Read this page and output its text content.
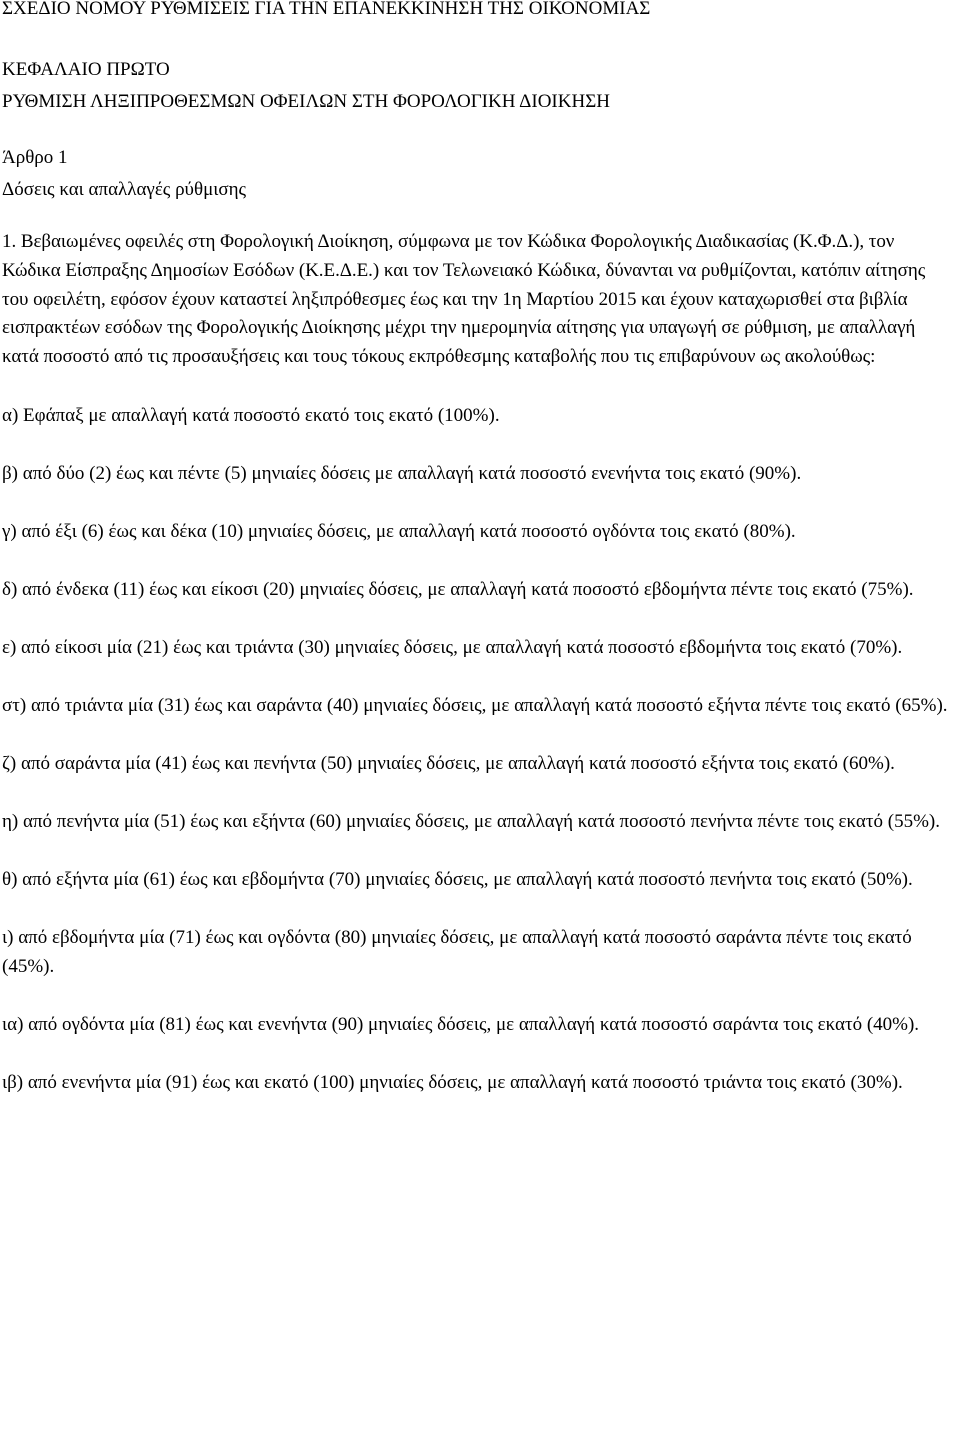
ΣΧΕΔΙΟ ΝΟΜΟΥ ΡΥΘΜΙΣΕΙΣ ΓΙΑ ΤΗΝ ΕΠΑΝΕΚΚΙΝΗΣΗ ΤΗΣ ΟΙΚΟΝΟΜΙΑΣ
ΚΕΦΑΛΑΙΟ ΠΡΩΤΟ
ΡΥΘΜΙΣΗ ΛΗΞΙΠΡΟΘΕΣΜΩΝ ΟΦΕΙΛΩΝ ΣΤΗ ΦΟΡΟΛΟΓΙΚΗ ΔΙΟΙΚΗΣΗ
Άρθρο 1
Δόσεις και απαλλαγές ρύθμισης

1. Βεβαιωμένες οφειλές στη Φορολογική Διοίκηση, σύμφωνα με τον Κώδικα Φορολογικής Διαδικασίας (Κ.Φ.Δ.), τον Κώδικα Είσπραξης Δημοσίων Εσόδων (Κ.Ε.Δ.Ε.) και τον Τελωνειακό Κώδικα, δύνανται να ρυθμίζονται, κατόπιν αίτησης του οφειλέτη, εφόσον έχουν καταστεί ληξιπρόθεσμες έως και την 1η Μαρτίου 2015 και έχουν καταχωρισθεί στα βιβλία εισπρακτέων εσόδων της Φορολογικής Διοίκησης μέχρι την ημερομηνία αίτησης για υπαγωγή σε ρύθμιση, με απαλλαγή κατά ποσοστό από τις προσαυξήσεις και τους τόκους εκπρόθεσμης καταβολής που τις επιβαρύνουν ως ακολούθως:

α) Εφάπαξ με απαλλαγή κατά ποσοστό εκατό τοις εκατό (100%).
β) από δύο (2) έως και πέντε (5) μηνιαίες δόσεις με απαλλαγή κατά ποσοστό ενενήντα τοις εκατό (90%).
γ) από έξι (6) έως και δέκα (10) μηνιαίες δόσεις, με απαλλαγή κατά ποσοστό ογδόντα τοις εκατό (80%).
δ) από ένδεκα (11) έως και είκοσι (20) μηνιαίες δόσεις, με απαλλαγή κατά ποσοστό εβδομήντα πέντε τοις εκατό (75%).
ε) από είκοσι μία (21) έως και τριάντα (30) μηνιαίες δόσεις, με απαλλαγή κατά ποσοστό εβδομήντα τοις εκατό (70%).
στ) από τριάντα μία (31) έως και σαράντα (40) μηνιαίες δόσεις, με απαλλαγή κατά ποσοστό εξήντα πέντε τοις εκατό (65%).
ζ) από σαράντα μία (41) έως και πενήντα (50) μηνιαίες δόσεις, με απαλλαγή κατά ποσοστό εξήντα τοις εκατό (60%).
η) από πενήντα μία (51) έως και εξήντα (60) μηνιαίες δόσεις, με απαλλαγή κατά ποσοστό πενήντα πέντε τοις εκατό (55%).
θ) από εξήντα μία (61) έως και εβδομήντα (70) μηνιαίες δόσεις, με απαλλαγή κατά ποσοστό πενήντα τοις εκατό (50%).
ι) από εβδομήντα μία (71) έως και ογδόντα (80) μηνιαίες δόσεις, με απαλλαγή κατά ποσοστό σαράντα πέντε τοις εκατό (45%).
ια) από ογδόντα μία (81) έως και ενενήντα (90) μηνιαίες δόσεις, με απαλλαγή κατά ποσοστό σαράντα τοις εκατό (40%).
ιβ) από ενενήντα μία (91) έως και εκατό (100) μηνιαίες δόσεις, με απαλλαγή κατά ποσοστό τριάντα τοις εκατό (30%).
